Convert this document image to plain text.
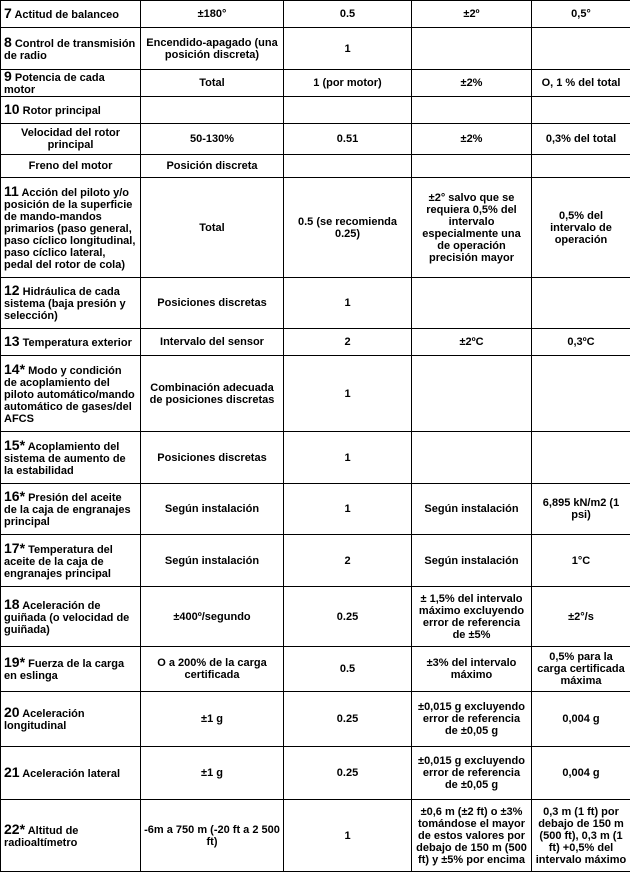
7 Actitud de balanceo	±180°	0.5	±2º	0,5°
8 Control de transmisión de radio	Encendido-apagado (una posición discreta)	1		
9 Potencia de cada motor	Total	1 (por motor)	±2%	O, 1 % del total
10 Rotor principal				
Velocidad del rotor principal	50-130%	0.51	±2%	0,3% del total
Freno del motor	Posición discreta			
11 Acción del piloto y/o posición de la superficie de mando-mandos primarios (paso general, paso cíclico longitudinal, paso cíclico lateral, pedal del rotor de cola)	Total	0.5 (se recomienda 0.25)	±2° salvo que se requiera 0,5% del intervalo especialmente una de operación precisión mayor	0,5% del intervalo de operación
12 Hidráulica de cada sistema (baja presión y selección)	Posiciones discretas	1		
13 Temperatura exterior	Intervalo del sensor	2	±2ºC	0,3ºC
14* Modo y condición de acoplamiento del piloto automático/mando automático de gases/del AFCS	Combinación adecuada de posiciones discretas	1		
15* Acoplamiento del sistema de aumento de la estabilidad	Posiciones discretas	1		
16* Presión del aceite de la caja de engranajes principal	Según instalación	1	Según instalación	6,895 kN/m2 (1 psi)
17* Temperatura del aceite de la caja de engranajes principal	Según instalación	2	Según instalación	1°C
18 Aceleración de guiñada (o velocidad de guiñada)	±400º/segundo	0.25	± 1,5% del intervalo máximo excluyendo error de referencia de ±5%	±2°/s
19* Fuerza de la carga en eslinga	O a 200% de la carga certificada	0.5	±3% del intervalo máximo	0,5% para la carga certificada máxima
20 Aceleración longitudinal	±1 g	0.25	±0,015 g excluyendo error de referencia de ±0,05 g	0,004 g
21 Aceleración lateral	±1 g	0.25	±0,015 g excluyendo error de referencia de ±0,05 g	0,004 g
22* Altitud de radioaltímetro	-6m a 750 m (-20 ft a 2 500 ft)	1	±0,6 m (±2 ft) o ±3% tomándose el mayor de estos valores por debajo de 150 m (500 ft) y ±5% por encima	0,3 m (1 ft) por debajo de 150 m (500 ft), 0,3 m (1 ft) +0,5% del intervalo máximo
